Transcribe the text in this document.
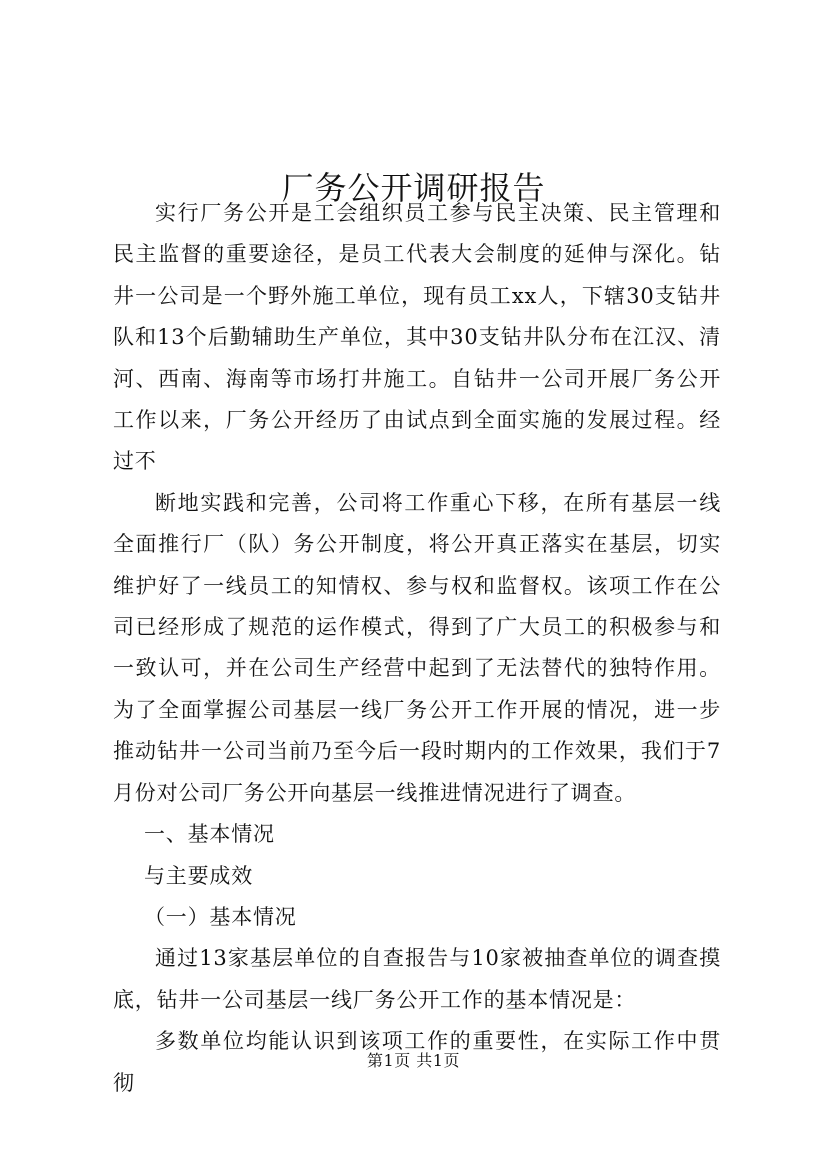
厂务公开调研报告

实行厂务公开是工会组织员工参与民主决策、民主管理和民主监督的重要途径，是员工代表大会制度的延伸与深化。钻井一公司是一个野外施工单位，现有员工xx人，下辖30支钻井队和13个后勤辅助生产单位，其中30支钻井队分布在江汉、清河、西南、海南等市场打井施工。自钻井一公司开展厂务公开工作以来，厂务公开经历了由试点到全面实施的发展过程。经过不

断地实践和完善，公司将工作重心下移，在所有基层一线全面推行厂（队）务公开制度，将公开真正落实在基层，切实维护好了一线员工的知情权、参与权和监督权。该项工作在公司已经形成了规范的运作模式，得到了广大员工的积极参与和一致认可，并在公司生产经营中起到了无法替代的独特作用。为了全面掌握公司基层一线厂务公开工作开展的情况，进一步推动钻井一公司当前乃至今后一段时期内的工作效果，我们于7月份对公司厂务公开向基层一线推进情况进行了调查。

一、基本情况

与主要成效

（一）基本情况

通过13家基层单位的自查报告与10家被抽查单位的调查摸底，钻井一公司基层一线厂务公开工作的基本情况是：

多数单位均能认识到该项工作的重要性，在实际工作中贯彻

第1页 共1页
